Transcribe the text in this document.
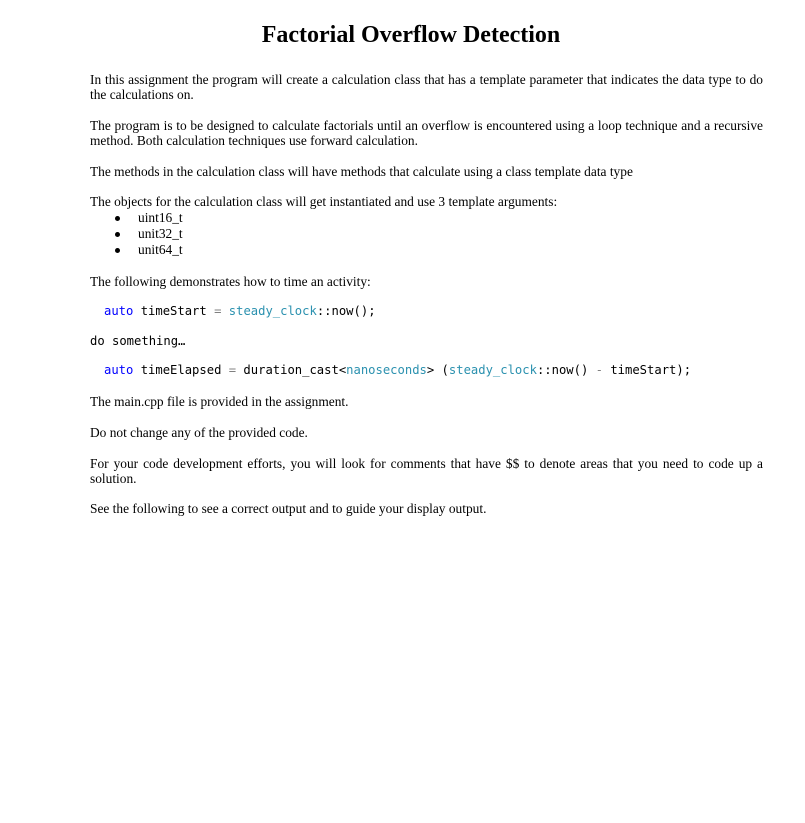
Factorial Overflow Detection

In this assignment the program will create a calculation class that has a template parameter that indicates the data type to do the calculations on.

The program is to be designed to calculate factorials until an overflow is encountered using a loop technique and a recursive method. Both calculation techniques use forward calculation.

The methods in the calculation class will have methods that calculate using a class template data type

The objects for the calculation class will get instantiated and use 3 template arguments:

uint16_t
unit32_t
unit64_t

The following demonstrates how to time an activity:

auto timeStart = steady_clock::now();
do something…
auto timeElapsed = duration_cast<nanoseconds> (steady_clock::now() - timeStart);

The main.cpp file is provided in the assignment.

Do not change any of the provided code.

For your code development efforts, you will look for comments that have $$ to denote areas that you need to code up a solution.

See the following to see a correct output and to guide your display output.
